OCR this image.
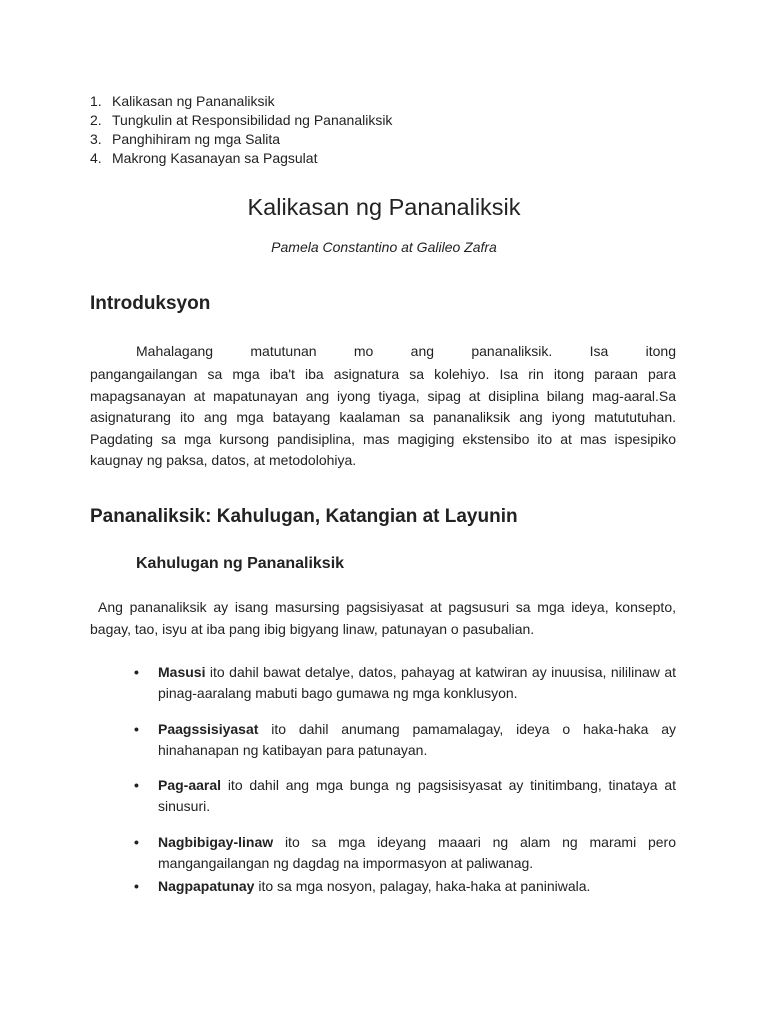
1. Kalikasan ng Pananaliksik
2. Tungkulin at Responsibilidad ng Pananaliksik
3. Panghihiram ng mga Salita
4. Makrong Kasanayan sa Pagsulat
Kalikasan ng Pananaliksik

Pamela Constantino at Galileo Zafra

Introduksyon

Mahalagang matutunan mo ang pananaliksik. Isa itong

pangangailangan sa mga iba't iba asignatura sa kolehiyo. Isa rin itong paraan para mapagsanayan at mapatunayan ang iyong tiyaga, sipag at disiplina bilang mag-aaral.Sa asignaturang ito ang mga batayang kaalaman sa pananaliksik ang iyong matututuhan. Pagdating sa mga kursong pandisiplina, mas magiging ekstensibo ito at mas ispesipiko kaugnay ng paksa, datos, at metodolohiya.

Pananaliksik: Kahulugan, Katangian at Layunin
Kahulugan ng Pananaliksik

Ang pananaliksik ay isang masursing pagsisiyasat at pagsusuri sa mga ideya, konsepto, bagay, tao, isyu at iba pang ibig bigyang linaw, patunayan o pasubalian.

•	Masusi ito dahil bawat detalye, datos, pahayag at katwiran ay inuusisa, nililinaw at pinag-aaralang mabuti bago gumawa ng mga konklusyon.
•	Paagssisiyasat ito dahil anumang pamamalagay, ideya o haka-haka ay hinahanapan ng katibayan para patunayan.
•	Pag-aaral ito dahil ang mga bunga ng pagsisisyasat ay tinitimbang, tinataya at sinusuri.
•	Nagbibigay-linaw ito sa mga ideyang maaari ng alam ng marami pero mangangailangan ng dagdag na impormasyon at paliwanag.
•	Nagpapatunay ito sa mga nosyon, palagay, haka-haka at paniniwala.
